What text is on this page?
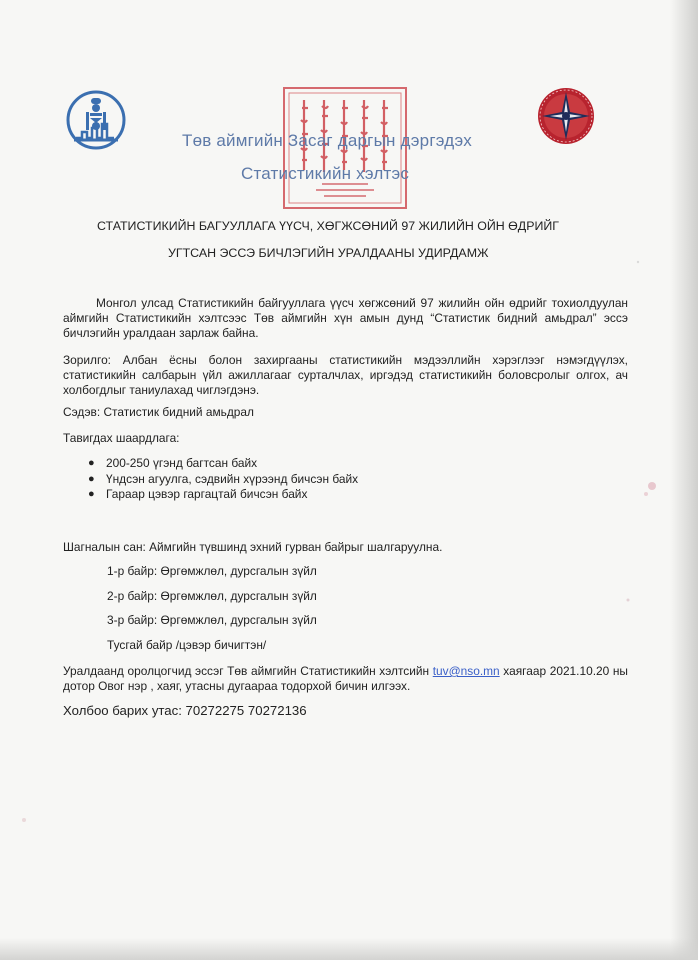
Төв аймгийн Засаг даргын дэргэдэх
Статистикийн хэлтэс
СТАТИСТИКИЙН БАГУУЛЛАГА ҮҮСЧ, ХӨГЖСӨНИЙ 97 ЖИЛИЙН ОЙН ӨДРИЙГ
УГТСАН ЭССЭ БИЧЛЭГИЙН УРАЛДААНЫ УДИРДАМЖ
Монгол улсад Статистикийн байгууллага үүсч хөгжсөний 97 жилийн ойн өдрийг тохиолдуулан аймгийн Статистикийн хэлтсээс Төв аймгийн хүн амын дунд “Статистик бидний амьдрал” эссэ бичлэгийн уралдаан зарлаж байна.
Зорилго: Албан ёсны болон захиргааны статистикийн мэдээллийн хэрэглээг нэмэгдүүлэх, статистикийн салбарын үйл ажиллагааг сурталчлах, иргэдэд статистикийн боловсролыг олгох, ач холбогдлыг таниулахад чиглэгдэнэ.
Сэдэв: Статистик бидний амьдрал
Тавигдах шаардлага:
● 200-250 үгэнд багтсан байх
● Үндсэн агуулга, сэдвийн хүрээнд бичсэн байх
● Гараар цэвэр гаргацтай бичсэн байх
Шагналын сан: Аймгийн түвшинд эхний гурван байрыг шалгаруулна.
1-р байр: Өргөмжлөл, дурсгалын зүйл
2-р байр: Өргөмжлөл, дурсгалын зүйл
3-р байр: Өргөмжлөл, дурсгалын зүйл
Тусгай байр /цэвэр бичигтэн/
Уралдаанд оролцогчид эссэг Төв аймгийн Статистикийн хэлтсийн tuv@nso.mn хаягаар 2021.10.20 ны дотор Овог нэр , хаяг, утасны дугаараа тодорхой бичин илгээх.
Холбоо барих утас: 70272275 70272136
